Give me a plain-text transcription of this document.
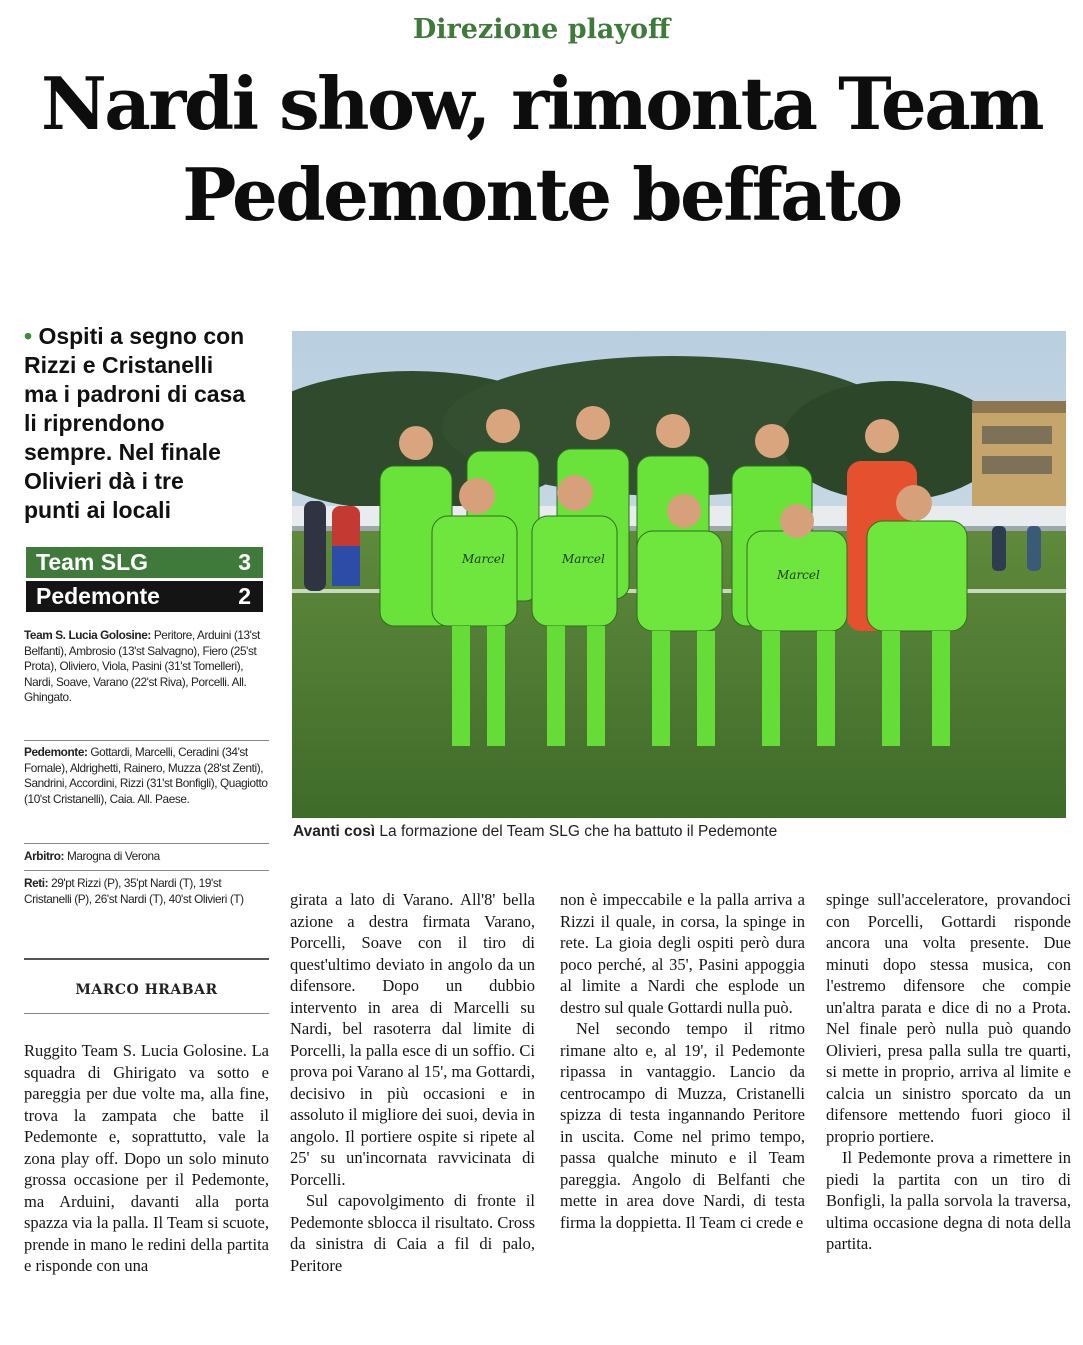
Direzione playoff
Nardi show, rimonta Team
Pedemonte beffato
• Ospiti a segno con
Rizzi e Cristanelli
ma i padroni di casa
li riprendono
sempre. Nel finale
Olivieri dà i tre
punti ai locali
Team SLG	3
Pedemonte	2
Team S. Lucia Golosine: Peritore, Arduini (13'st Belfanti), Ambrosio (13'st Salvagno), Fiero (25'st Prota), Oliviero, Viola, Pasini (31'st Tomelleri), Nardi, Soave, Varano (22'st Riva), Porcelli. All. Ghingato.
Pedemonte: Gottardi, Marcelli, Ceradini (34'st Fornale), Aldrighetti, Rainero, Muzza (28'st Zenti), Sandrini, Accordini, Rizzi (31'st Bonfigli), Quagiotto (10'st Cristanelli), Caia. All. Paese.
Arbitro: Marogna di Verona
Reti: 29'pt Rizzi (P), 35'pt Nardi (T), 19'st Cristanelli (P), 26'st Nardi (T), 40'st Olivieri (T)
MARCO HRABAR
Marcel	Marcel
Marcel
Avanti così La formazione del Team SLG che ha battuto il Pedemonte

Ruggito Team S. Lucia Golosine. La squadra di Ghirigato va sotto e pareggia per due volte ma, alla fine, trova la zampata che batte il Pedemonte e, soprattutto, vale la zona play off. Dopo un solo minuto grossa occasione per il Pedemonte, ma Arduini, davanti alla porta spazza via la palla. Il Team si scuote, prende in mano le redini della partita e risponde con una

girata a lato di Varano. All'8' bella azione a destra firmata Varano, Porcelli, Soave con il tiro di quest'ultimo deviato in angolo da un difensore. Dopo un dubbio intervento in area di Marcelli su Nardi, bel rasoterra dal limite di Porcelli, la palla esce di un soffio. Ci prova poi Varano al 15', ma Gottardi, decisivo in più occasioni e in assoluto il migliore dei suoi, devia in angolo. Il portiere ospite si ripete al 25' su un'incornata ravvicinata di Porcelli.

Sul capovolgimento di fronte il Pedemonte sblocca il risultato. Cross da sinistra di Caia a fil di palo, Peritore

non è impeccabile e la palla arriva a Rizzi il quale, in corsa, la spinge in rete. La gioia degli ospiti però dura poco perché, al 35', Pasini appoggia al limite a Nardi che esplode un destro sul quale Gottardi nulla può.

Nel secondo tempo il ritmo rimane alto e, al 19', il Pedemonte ripassa in vantaggio. Lancio da centrocampo di Muzza, Cristanelli spizza di testa ingannando Peritore in uscita. Come nel primo tempo, passa qualche minuto e il Team pareggia. Angolo di Belfanti che mette in area dove Nardi, di testa firma la doppietta. Il Team ci crede e

spinge sull'acceleratore, provandoci con Porcelli, Gottardi risponde ancora una volta presente. Due minuti dopo stessa musica, con l'estremo difensore che compie un'altra parata e dice di no a Prota. Nel finale però nulla può quando Olivieri, presa palla sulla tre quarti, si mette in proprio, arriva al limite e calcia un sinistro sporcato da un difensore mettendo fuori gioco il proprio portiere.

Il Pedemonte prova a rimettere in piedi la partita con un tiro di Bonfigli, la palla sorvola la traversa, ultima occasione degna di nota della partita.
